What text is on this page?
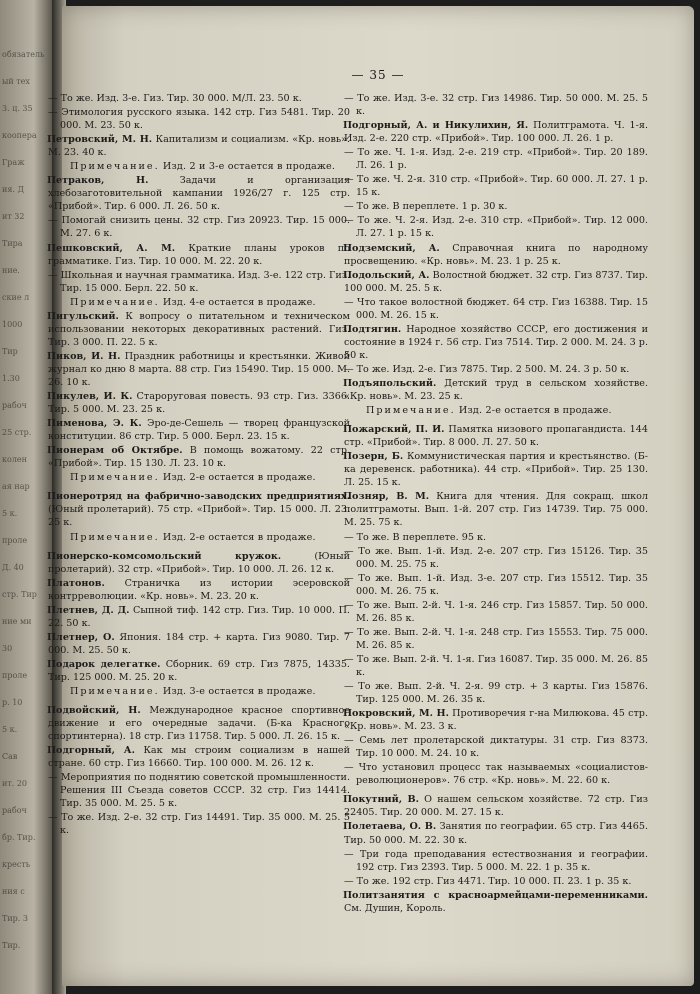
обязатель
ый тех
3. ц. 35
коопера
Граж
ия. Д
ит 32
Тира
ние.
ские л
1000
Тир
1.30
рабоч
25 стр.
колен
ая нар
5 к.
проле
Д. 40
стр. Тир
ние ми
30
проле
р. 10
5 к.
Сав
ит. 20
рабоч
бр. Тир.
кресть
ния с
Тир. 3
Тир.
— 35 —
— То же. Изд. 3-е. Гиз. Тир. 30 000. М/Л. 23. 50 к.
— Этимология русского языка. 142 стр. Гиз 5481. Тир. 20 000. М. 23. 50 к.
Петровский, М. Н. Капитализм и социализм. «Кр. новь». М. 23. 40 к.
Примечание. Изд. 2 и 3-е остается в продаже.
Петраков, Н. Задачи и организация хлебозаготовительной кампании 1926/27 г. 125 стр. «Прибой». Тир. 6 000. Л. 26. 50 к.
— Помогай снизить цены. 32 стр. Гиз 20923. Тир. 15 000. М. 27. 6 к.
Пешковский, А. М. Краткие планы уроков по грамматике. Гиз. Тир. 10 000. М. 22. 20 к.
— Школьная и научная грамматика. Изд. 3-е. 122 стр. Гиз. Тир. 15 000. Берл. 22. 50 к.
Примечание. Изд. 4-е остается в продаже.
Пигульский. К вопросу о питательном и техническом использовании некоторых декоративных растений. Гиз. Тир. 3 000. П. 22. 5 к.
Пиков, И. Н. Праздник работницы и крестьянки. Живой журнал ко дню 8 марта. 88 стр. Гиз 15490. Тир. 15 000. М. 26. 10 к.
Пикулев, И. К. Староруговая повесть. 93 стр. Гиз. 3366. Тир. 5 000. М. 23. 25 к.
Пименова, Э. К. Эро-де-Сешель — творец французской конституции. 86 стр. Тир. 5 000. Берл. 23. 15 к.
Пионерам об Октябре. В помощь вожатому. 22 стр. «Прибой». Тир. 15 130. Л. 23. 10 к.
Примечание. Изд. 2-е остается в продаже.
Пионеротряд на фабрично-заводских предприятиях. (Юный пролетарий). 75 стр. «Прибой». Тир. 15 000. Л. 23. 25 к.
Примечание. Изд. 2-е остается в продаже.
Пионерско-комсомольский кружок. (Юный пролетарий). 32 стр. «Прибой». Тир. 10 000. Л. 26. 12 к.
Платонов. Страничка из истории эсеровской контрреволюции. «Кр. новь». М. 23. 20 к.
Плетнев, Д. Д. Сыпной тиф. 142 стр. Гиз. Тир. 10 000. П. 22. 50 к.
Плетнер, О. Япония. 184 стр. + карта. Гиз 9080. Тир. 7 000. М. 25. 50 к.
Подарок делегатке. Сборник. 69 стр. Гиз 7875, 14335. Тир. 125 000. М. 25. 20 к.
Примечание. Изд. 3-е остается в продаже.
Подвойский, Н. Международное красное спортивное движение и его очередные задачи. (Б-ка Красного спортинтерна). 18 стр. Гиз 11758. Тир. 5 000. Л. 26. 15 к.
Подгорный, А. Как мы строим социализм в нашей стране. 60 стр. Гиз 16660. Тир. 100 000. М. 26. 12 к.
— Мероприятия по поднятию советской промышленности. Решения III Съезда советов СССР. 32 стр. Гиз 14414. Тир. 35 000. М. 25. 5 к.
— То же. Изд. 2-е. 32 стр. Гиз 14491. Тир. 35 000. М. 25. 5 к.
— То же. Изд. 3-е. 32 стр. Гиз 14986. Тир. 50 000. М. 25. 5 к.
Подгорный, А. и Никулихин, Я. Политграмота. Ч. 1-я. Изд. 2-е. 220 стр. «Прибой». Тир. 100 000. Л. 26. 1 р.
— То же. Ч. 1-я. Изд. 2-е. 219 стр. «Прибой». Тир. 20 189. Л. 26. 1 р.
— То же. Ч. 2-я. 310 стр. «Прибой». Тир. 60 000. Л. 27. 1 р. 15 к.
— То же. В переплете. 1 р. 30 к.
— То же. Ч. 2-я. Изд. 2-е. 310 стр. «Прибой». Тир. 12 000. Л. 27. 1 р. 15 к.
Подземский, А. Справочная книга по народному просвещению. «Кр. новь». М. 23. 1 р. 25 к.
Подольский, А. Волостной бюджет. 32 стр. Гиз 8737. Тир. 100 000. М. 25. 5 к.
— Что такое волостной бюджет. 64 стр. Гиз 16388. Тир. 15 000. М. 26. 15 к.
Подтягин. Народное хозяйство СССР, его достижения и состояние в 1924 г. 56 стр. Гиз 7514. Тир. 2 000. М. 24. 3 р. 50 к.
— То же. Изд. 2-е. Гиз 7875. Тир. 2 500. М. 24. 3 р. 50 к.
Подъяпольский. Детский труд в сельском хозяйстве. «Кр. новь». М. 23. 25 к.
Примечание. Изд. 2-е остается в продаже.
Пожарский, П. И. Памятка низового пропагандиста. 144 стр. «Прибой». Тир. 8 000. Л. 27. 50 к.
Позерн, Б. Коммунистическая партия и крестьянство. (Б-ка деревенск. работника). 44 стр. «Прибой». Тир. 25 130. Л. 25. 15 к.
Позняр, В. М. Книга для чтения. Для сокращ. школ политграмоты. Вып. 1-й. 207 стр. Гиз 14739. Тир. 75 000. М. 25. 75 к.
— То же. В переплете. 95 к.
— То же. Вып. 1-й. Изд. 2-е. 207 стр. Гиз 15126. Тир. 35 000. М. 25. 75 к.
— То же. Вып. 1-й. Изд. 3-е. 207 стр. Гиз 15512. Тир. 35 000. М. 26. 75 к.
— То же. Вып. 2-й. Ч. 1-я. 246 стр. Гиз 15857. Тир. 50 000. М. 26. 85 к.
— То же. Вып. 2-й. Ч. 1-я. 248 стр. Гиз 15553. Тир. 75 000. М. 26. 85 к.
— То же. Вып. 2-й. Ч. 1-я. Гиз 16087. Тир. 35 000. М. 26. 85 к.
— То же. Вып. 2-й. Ч. 2-я. 99 стр. + 3 карты. Гиз 15876. Тир. 125 000. М. 26. 35 к.
Покровский, М. Н. Противоречия г-на Милюкова. 45 стр. «Кр. новь». М. 23. 3 к.
— Семь лет пролетарской диктатуры. 31 стр. Гиз 8373. Тир. 10 000. М. 24. 10 к.
— Что установил процесс так называемых «социалистов-революционеров». 76 стр. «Кр. новь». М. 22. 60 к.
Покутний, В. О нашем сельском хозяйстве. 72 стр. Гиз 22405. Тир. 20 000. М. 27. 15 к.
Полетаева, О. В. Занятия по географии. 65 стр. Гиз 4465. Тир. 50 000. М. 22. 30 к.
— Три года преподавания естествознания и географии. 192 стр. Гиз 2393. Тир. 5 000. М. 22. 1 р. 35 к.
— То же. 192 стр. Гиз 4471. Тир. 10 000. П. 23. 1 р. 35 к.
Политзанятия с красноармейцами-переменниками. См. Душин, Король.
